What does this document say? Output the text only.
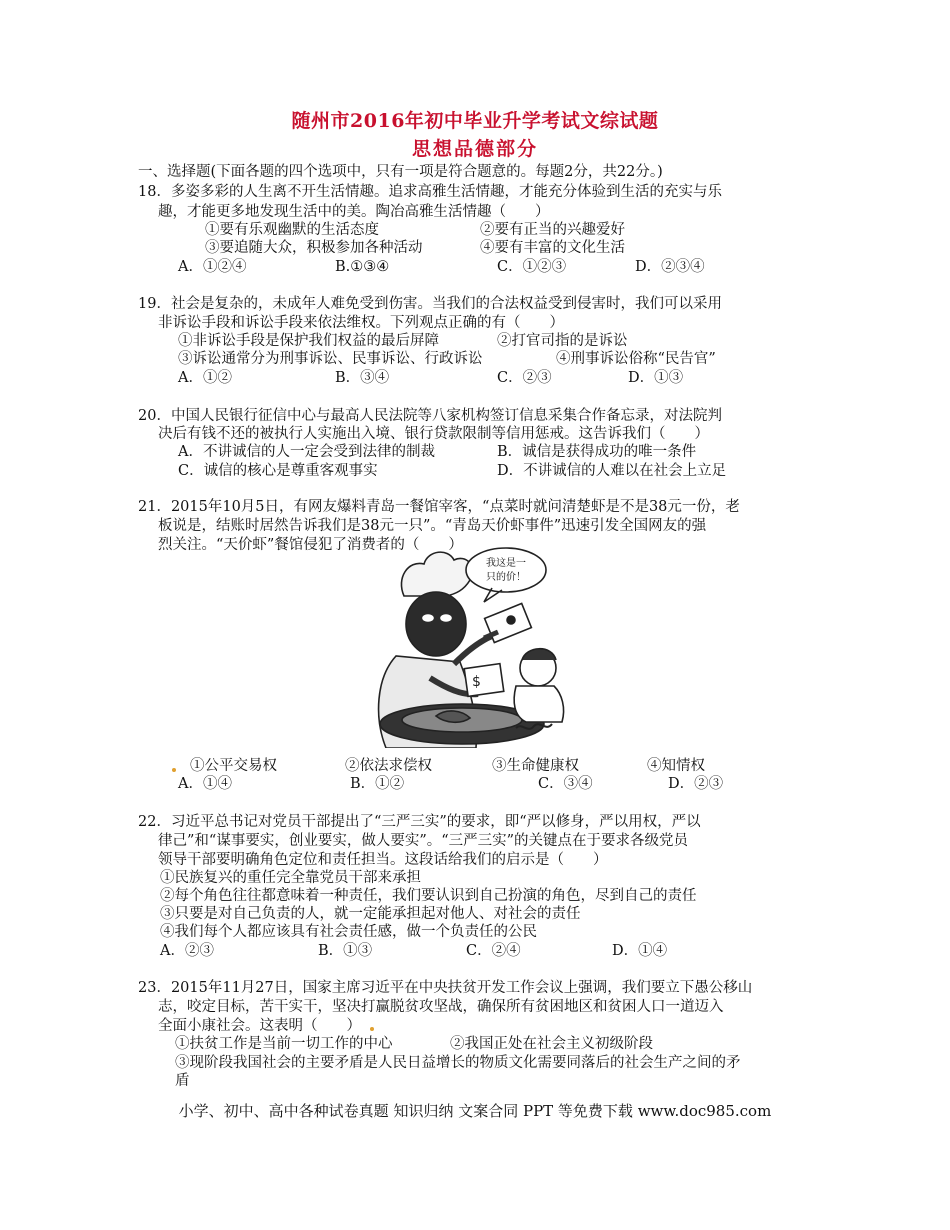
随州市2016年初中毕业升学考试文综试题
思想品德部分
一、选择题(下面各题的四个选项中，只有一项是符合题意的。每题2分，共22分。)
18．多姿多彩的人生离不开生活情趣。追求高雅生活情趣，才能充分体验到生活的充实与乐
趣，才能更多地发现生活中的美。陶冶高雅生活情趣（　　）
①要有乐观幽默的生活态度	②要有正当的兴趣爱好
③要追随大众，积极参加各种活动	④要有丰富的文化生活
A．①②④	B.①③④	C．①②③	D．②③④
19．社会是复杂的，未成年人难免受到伤害。当我们的合法权益受到侵害时，我们可以采用
非诉讼手段和诉讼手段来依法维权。下列观点正确的有（　　）
①非诉讼手段是保护我们权益的最后屏障	②打官司指的是诉讼
③诉讼通常分为刑事诉讼、民事诉讼、行政诉讼	④刑事诉讼俗称“民告官”
A．①②	B．③④	C．②③	D．①③
20．中国人民银行征信中心与最高人民法院等八家机构签订信息采集合作备忘录，对法院判
决后有钱不还的被执行人实施出入境、银行贷款限制等信用惩戒。这告诉我们（　　）
A．不讲诚信的人一定会受到法律的制裁	B．诚信是获得成功的唯一条件
C．诚信的核心是尊重客观事实	D．不讲诚信的人难以在社会上立足
21．2015年10月5日，有网友爆料青岛一餐馆宰客，“点菜时就问清楚虾是不是38元一份，老
板说是，结账时居然告诉我们是38元一只”。“青岛天价虾事件”迅速引发全国网友的强
烈关注。“天价虾”餐馆侵犯了消费者的（　　）
$
我这是一
只的价！
①公平交易权	②依法求偿权	③生命健康权	④知情权
A．①④	B．①②	C．③④	D．②③
22．习近平总书记对党员干部提出了“三严三实”的要求，即“严以修身，严以用权，严以
律己”和“谋事要实，创业要实，做人要实”。“三严三实”的关键点在于要求各级党员
领导干部要明确角色定位和责任担当。这段话给我们的启示是（　　）
①民族复兴的重任完全靠党员干部来承担
②每个角色往往都意味着一种责任，我们要认识到自己扮演的角色，尽到自己的责任
③只要是对自己负责的人，就一定能承担起对他人、对社会的责任
④我们每个人都应该具有社会责任感，做一个负责任的公民
A．②③	B．①③	C．②④	D．①④
23．2015年11月27日，国家主席习近平在中央扶贫开发工作会议上强调，我们要立下愚公移山
志，咬定目标，苦干实干，坚决打赢脱贫攻坚战，确保所有贫困地区和贫困人口一道迈入
全面小康社会。这表明（　　）
①扶贫工作是当前一切工作的中心	②我国正处在社会主义初级阶段
③现阶段我国社会的主要矛盾是人民日益增长的物质文化需要同落后的社会生产之间的矛
盾
小学、初中、高中各种试卷真题 知识归纳 文案合同 PPT 等免费下载 www.doc985.com
